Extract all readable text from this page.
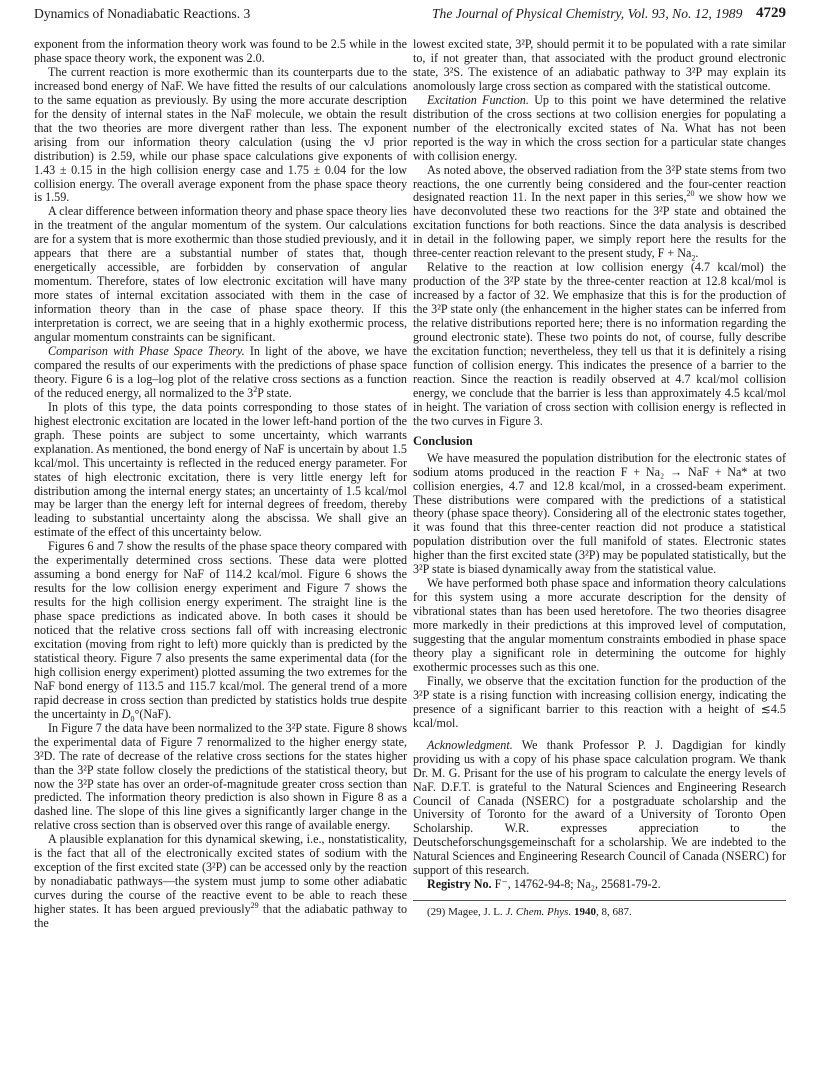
Dynamics of Nonadiabatic Reactions. 3	The Journal of Physical Chemistry, Vol. 93, No. 12, 1989 4729

exponent from the information theory work was found to be 2.5 while in the phase space theory work, the exponent was 2.0.

The current reaction is more exothermic than its counterparts due to the increased bond energy of NaF. We have fitted the results of our calculations to the same equation as previously. By using the more accurate description for the density of internal states in the NaF molecule, we obtain the result that the two theories are more divergent rather than less. The exponent arising from our information theory calculation (using the vJ prior distribution) is 2.59, while our phase space calculations give exponents of 1.43 ± 0.15 in the high collision energy case and 1.75 ± 0.04 for the low collision energy. The overall average exponent from the phase space theory is 1.59.

A clear difference between information theory and phase space theory lies in the treatment of the angular momentum of the system. Our calculations are for a system that is more exothermic than those studied previously, and it appears that there are a substantial number of states that, though energetically accessible, are forbidden by conservation of angular momentum. Therefore, states of low electronic excitation will have many more states of internal excitation associated with them in the case of information theory than in the case of phase space theory. If this interpretation is correct, we are seeing that in a highly exothermic process, angular momentum constraints can be significant.

Comparison with Phase Space Theory. In light of the above, we have compared the results of our experiments with the predictions of phase space theory. Figure 6 is a log–log plot of the relative cross sections as a function of the reduced energy, all normalized to the $3^2P$ state.

In plots of this type, the data points corresponding to those states of highest electronic excitation are located in the lower left-hand portion of the graph. These points are subject to some uncertainty, which warrants explanation. As mentioned, the bond energy of NaF is uncertain by about 1.5 kcal/mol. This uncertainty is reflected in the reduced energy parameter. For states of high electronic excitation, there is very little energy left for distribution among the internal energy states; an uncertainty of 1.5 kcal/mol may be larger than the energy left for internal degrees of freedom, thereby leading to substantial uncertainty along the abscissa. We shall give an estimate of the effect of this uncertainty below.

Figures 6 and 7 show the results of the phase space theory compared with the experimentally determined cross sections. These data were plotted assuming a bond energy for NaF of 114.2 kcal/mol. Figure 6 shows the results for the low collision energy experiment and Figure 7 shows the results for the high collision energy experiment. The straight line is the phase space predictions as indicated above. In both cases it should be noticed that the relative cross sections fall off with increasing electronic excitation (moving from right to left) more quickly than is predicted by the statistical theory. Figure 7 also presents the same experimental data (for the high collision energy experiment) plotted assuming the two extremes for the NaF bond energy of 113.5 and 115.7 kcal/mol. The general trend of a more rapid decrease in cross section than predicted by statistics holds true despite the uncertainty in $D_0^\circ(NaF)$.

In Figure 7 the data have been normalized to the 3²P state. Figure 8 shows the experimental data of Figure 7 renormalized to the higher energy state, 3²D. The rate of decrease of the relative cross sections for the states higher than the 3²P state follow closely the predictions of the statistical theory, but now the 3²P state has over an order-of-magnitude greater cross section than predicted. The information theory prediction is also shown in Figure 8 as a dashed line. The slope of this line gives a significantly larger change in the relative cross section than is observed over this range of available energy.

A plausible explanation for this dynamical skewing, i.e., nonstatisticality, is the fact that all of the electronically excited states of sodium with the exception of the first excited state (3²P) can be accessed only by the reaction by nonadiabatic pathways—the system must jump to some other adiabatic curves during the course of the reactive event to be able to reach these higher states. It has been argued previously$^{29}$ that the adiabatic pathway to the

lowest excited state, 3²P, should permit it to be populated with a rate similar to, if not greater than, that associated with the product ground electronic state, 3²S. The existence of an adiabatic pathway to 3²P may explain its anomolously large cross section as compared with the statistical outcome.

Excitation Function. Up to this point we have determined the relative distribution of the cross sections at two collision energies for populating a number of the electronically excited states of Na. What has not been reported is the way in which the cross section for a particular state changes with collision energy.

As noted above, the observed radiation from the 3²P state stems from two reactions, the one currently being considered and the four-center reaction designated reaction 11. In the next paper in this series,$^{20}$ we show how we have deconvoluted these two reactions for the 3²P state and obtained the excitation functions for both reactions. Since the data analysis is described in detail in the following paper, we simply report here the results for the three-center reaction relevant to the present study, $F + Na_2$.

Relative to the reaction at low collision energy (4.7 kcal/mol) the production of the 3²P state by the three-center reaction at 12.8 kcal/mol is increased by a factor of 32. We emphasize that this is for the production of the 3²P state only (the enhancement in the higher states can be inferred from the relative distributions reported here; there is no information regarding the ground electronic state). These two points do not, of course, fully describe the excitation function; nevertheless, they tell us that it is definitely a rising function of collision energy. This indicates the presence of a barrier to the reaction. Since the reaction is readily observed at 4.7 kcal/mol collision energy, we conclude that the barrier is less than approximately 4.5 kcal/mol in height. The variation of cross section with collision energy is reflected in the two curves in Figure 3.

Conclusion

We have measured the population distribution for the electronic states of sodium atoms produced in the reaction F + Na₂ → NaF + Na* at two collision energies, 4.7 and 12.8 kcal/mol, in a crossed-beam experiment. These distributions were compared with the predictions of a statistical theory (phase space theory). Considering all of the electronic states together, it was found that this three-center reaction did not produce a statistical population distribution over the full manifold of states. Electronic states higher than the first excited state (3²P) may be populated statistically, but the 3²P state is biased dynamically away from the statistical value.

We have performed both phase space and information theory calculations for this system using a more accurate description for the density of vibrational states than has been used heretofore. The two theories disagree more markedly in their predictions at this improved level of computation, suggesting that the angular momentum constraints embodied in phase space theory play a significant role in determining the outcome for highly exothermic processes such as this one.

Finally, we observe that the excitation function for the production of the 3²P state is a rising function with increasing collision energy, indicating the presence of a significant barrier to this reaction with a height of ≲4.5 kcal/mol.

Acknowledgment. We thank Professor P. J. Dagdigian for kindly providing us with a copy of his phase space calculation program. We thank Dr. M. G. Prisant for the use of his program to calculate the energy levels of NaF. D.F.T. is grateful to the Natural Sciences and Engineering Research Council of Canada (NSERC) for a postgraduate scholarship and the University of Toronto for the award of a University of Toronto Open Scholarship. W.R. expresses appreciation to the Deutscheforschungsgemeinschaft for a scholarship. We are indebted to the Natural Sciences and Engineering Research Council of Canada (NSERC) for support of this research.

Registry No. F⁻, 14762-94-8; Na₂, 25681-79-2.

(29) Magee, J. L. J. Chem. Phys. 1940, 8, 687.
